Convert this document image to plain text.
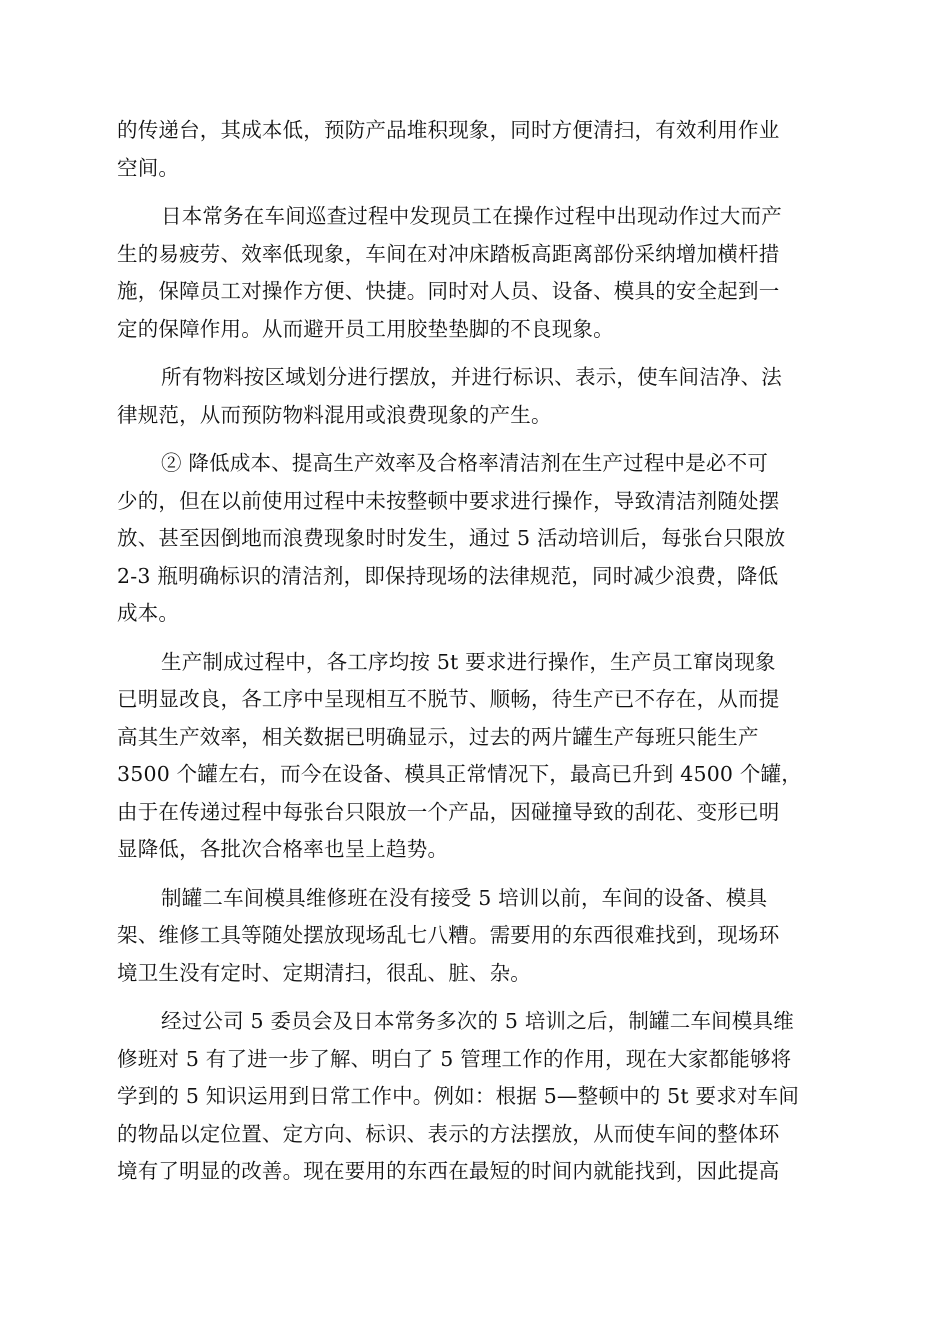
的传递台，其成本低，预防产品堆积现象，同时方便清扫，有效利用作业
空间。

日本常务在车间巡查过程中发现员工在操作过程中出现动作过大而产
生的易疲劳、效率低现象，车间在对冲床踏板高距离部份采纳增加横杆措
施，保障员工对操作方便、快捷。同时对人员、设备、模具的安全起到一
定的保障作用。从而避开员工用胶垫垫脚的不良现象。

所有物料按区域划分进行摆放，并进行标识、表示，使车间洁净、法
律规范，从而预防物料混用或浪费现象的产生。

② 降低成本、提高生产效率及合格率清洁剂在生产过程中是必不可
少的，但在以前使用过程中未按整顿中要求进行操作，导致清洁剂随处摆
放、甚至因倒地而浪费现象时时发生，通过 5 活动培训后，每张台只限放
2-3 瓶明确标识的清洁剂，即保持现场的法律规范，同时减少浪费，降低
成本。

生产制成过程中，各工序均按 5t 要求进行操作，生产员工窜岗现象
已明显改良，各工序中呈现相互不脱节、顺畅，待生产已不存在，从而提
高其生产效率，相关数据已明确显示，过去的两片罐生产每班只能生产
3500 个罐左右，而今在设备、模具正常情况下，最高已升到 4500 个罐，
由于在传递过程中每张台只限放一个产品，因碰撞导致的刮花、变形已明
显降低，各批次合格率也呈上趋势。

制罐二车间模具维修班在没有接受 5 培训以前，车间的设备、模具
架、维修工具等随处摆放现场乱七八糟。需要用的东西很难找到，现场环
境卫生没有定时、定期清扫，很乱、脏、杂。

经过公司 5 委员会及日本常务多次的 5 培训之后，制罐二车间模具维
修班对 5 有了进一步了解、明白了 5 管理工作的作用，现在大家都能够将
学到的 5 知识运用到日常工作中。例如：根据 5—整顿中的 5t 要求对车间
的物品以定位置、定方向、标识、表示的方法摆放，从而使车间的整体环
境有了明显的改善。现在要用的东西在最短的时间内就能找到，因此提高
